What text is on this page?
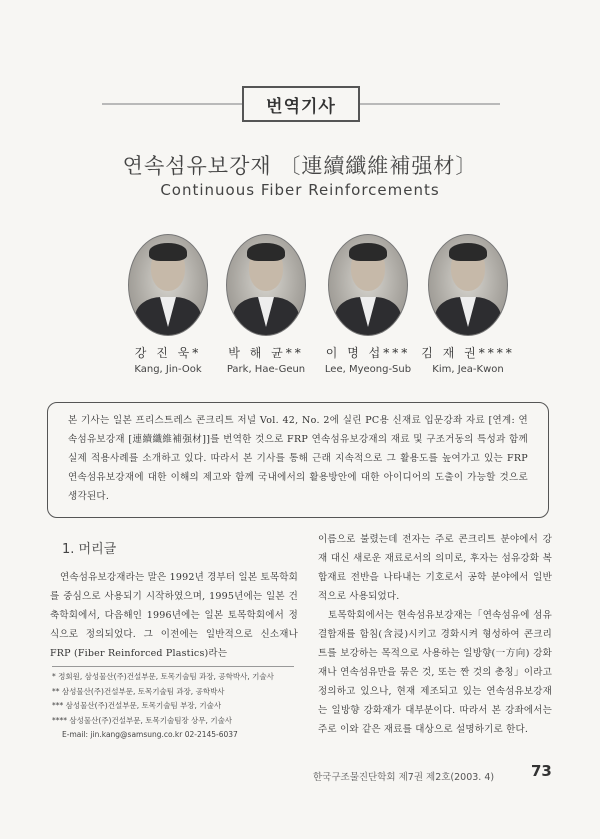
번역기사
연속섬유보강재 〔連續纖維補强材〕
Continuous Fiber Reinforcements
강 진 욱*
Kang, Jin-Ook
박 해 균**
Park, Hae-Geun
이 명 섭***
Lee, Myeong-Sub
김 재 권****
Kim, Jea-Kwon
본 기사는 일본 프리스트레스 콘크리트 저널 Vol. 42, No. 2에 실린 PC용 신재료 입문강좌 자료 [연계: 연속섬유보강재 [連續纖維補强材]]를 번역한 것으로 FRP 연속섬유보강재의 재료 및 구조거동의 특성과 함께 실제 적용사례를 소개하고 있다. 따라서 본 기사를 통해 근래 지속적으로 그 활용도를 높여가고 있는 FRP 연속섬유보강재에 대한 이해의 제고와 함께 국내에서의 활용방안에 대한 아이디어의 도출이 가능할 것으로 생각된다.
1. 머리글

연속섬유보강재라는 말은 1992년 경부터 일본 토목학회를 중심으로 사용되기 시작하였으며, 1995년에는 일본 건축학회에서, 다음해인 1996년에는 일본 토목학회에서 정식으로 정의되었다. 그 이전에는 일반적으로 신소재나 FRP (Fiber Reinforced Plastics)라는

* 정회원, 삼성물산(주)건설부문, 토목기술팀 과장, 공학박사, 기술사
** 삼성물산(주)건설부문, 토목기술팀 과장, 공학박사
*** 삼성물산(주)건설부문, 토목기술팀 부장, 기술사
**** 삼성물산(주)건설부문, 토목기술팀장 상무, 기술사
E-mail: jin.kang@samsung.co.kr 02-2145-6037

이름으로 불렸는데 전자는 주로 콘크리트 분야에서 강재 대신 새로운 재료로서의 의미로, 후자는 섬유강화 복합재료 전반을 나타내는 기호로서 공학 분야에서 일반적으로 사용되었다.

토목학회에서는 현속섬유보강재는「연속섬유에 섬유결합재를 함침(含浸)시키고 경화시켜 형성하여 콘크리트를 보강하는 목적으로 사용하는 일방향(一方向) 강화재나 연속섬유만을 묶은 것, 또는 짠 것의 총칭」이라고 정의하고 있으나, 현재 제조되고 있는 연속섬유보강재는 일방향 강화재가 대부분이다. 따라서 본 강좌에서는 주로 이와 같은 재료를 대상으로 설명하기로 한다.

한국구조물진단학회 제7권 제2호(2003. 4) 73
